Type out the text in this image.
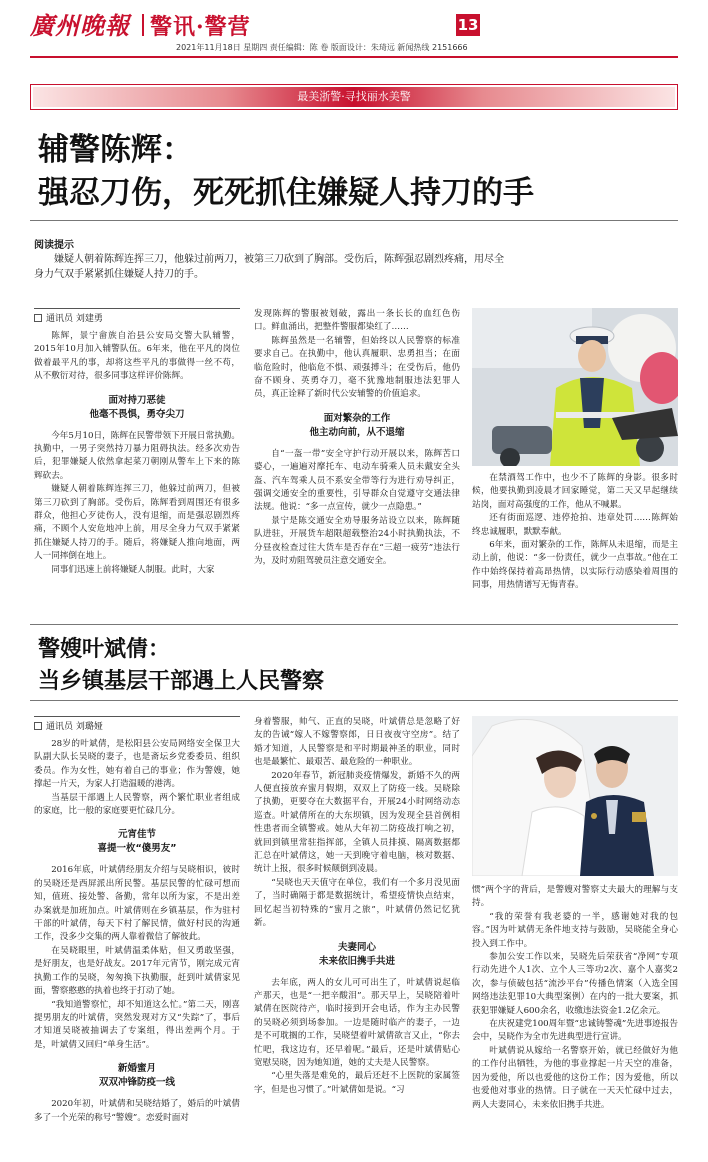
廣州晚報 警讯·警营	13
2021年11月18日 星期四 责任编辑：陈 卷 版面设计：朱琦远 新闻热线 2151666
最美浙警·寻找丽水美警
辅警陈辉：
强忍刀伤，死死抓住嫌疑人持刀的手
阅读提示
嫌疑人朝着陈辉连挥三刀，他躲过前两刀，被第三刀砍到了胸部。受伤后，陈辉强忍剧烈疼痛，用尽全身力气双手紧紧抓住嫌疑人持刀的手。
通讯员 刘建勇

陈辉，景宁畲族自治县公安局交警大队辅警，2015年10月加入辅警队伍。6年来，他在平凡的岗位做着最平凡的事，却将这些平凡的事做得一丝不苟，从不敷衍对待，很多同事这样评价陈辉。

面对持刀恶徒
他毫不畏惧，勇夺尖刀

今年5月10日，陈辉在民警带领下开展日常执勤。执勤中，一男子突然持刀暴力阻碍执法。经多次劝告后，犯罪嫌疑人依然拿起菜刀朝刚从警车上下来的陈辉砍去。

嫌疑人朝着陈辉连挥三刀，他躲过前两刀，但被第三刀砍到了胸部。受伤后，陈辉看到周围还有很多群众，他担心歹徒伤人，没有退缩，而是强忍剧烈疼痛，不顾个人安危地冲上前，用尽全身力气双手紧紧抓住嫌疑人持刀的手。随后，将嫌疑人推向地面，两人一同摔倒在地上。

同事们迅速上前将嫌疑人制服。此时，大家

发现陈辉的警服被划破，露出一条长长的血红色伤口。鲜血涌出，把整件警服都染红了……

陈辉虽然是一名辅警，但始终以人民警察的标准要求自己。在执勤中，他认真履职、忠勇担当；在面临危险时，他临危不惧、顽强搏斗；在受伤后，他仍奋不顾身、英勇夺刀，毫不犹豫地制服违法犯罪人员，真正诠释了新时代公安辅警的价值追求。

面对繁杂的工作
他主动向前，从不退缩

自“一盔一带”安全守护行动开展以来，陈辉苦口婆心，一遍遍对摩托车、电动车骑乘人员未戴安全头盔、汽车驾乘人员不系安全带等行为进行劝导纠正，强调交通安全的重要性，引导群众自觉遵守交通法律法规。他说：“多一点宣传，就少一点隐患。”

景宁是陈交通安全劝导服务站设立以来，陈辉随队进驻，开展货车超限超载整治24小时执勤执法，不分昼夜检查过往大货车是否存在“三超一疲劳”违法行为，及时劝阻驾驶员注意交通安全。

在禁酒驾工作中，也少不了陈辉的身影。很多时候，他要执勤到凌晨才回家睡觉，第二天又早起继续站岗，面对高强度的工作，他从不喊累。

还有街面巡逻、违停抢拍、违章处罚……陈辉始终忠诚履职，默默奉献。

6年来，面对繁杂的工作，陈辉从未退缩，而是主动上前，他说：“多一份责任，就少一点事故。”他在工作中始终保持着高昂热情，以实际行动感染着周围的同事，用热情谱写无悔青春。

警嫂叶斌倩：
当乡镇基层干部遇上人民警察
通讯员 刘璐娅

28岁的叶斌倩，是松阳县公安局网络安全保卫大队副大队长吴晓的妻子，也是斋坛乡党委委员、组织委员。作为女性，她有着自己的事业；作为警嫂，她撑起一片天，为家人打造温暖的港湾。

当基层干部遇上人民警察，两个繁忙职业者组成的家庭，比一般的家庭要更忙碌几分。

元宵佳节
喜提一枚“傻男友”

2016年底，叶斌倩经朋友介绍与吴晓相识，彼时的吴晓还是西屏派出所民警。基层民警的忙碌可想而知，值班、接处警、备勤，常年以所为家，不是出差办案就是加班加点。叶斌倩则在乡镇基层，作为驻村干部的叶斌倩，每天下村了解民情，做好村民的沟通工作，没多少交集的两人靠着微信了解彼此。

在吴晓眼里，叶斌倩温柔体贴，但又勇敢坚强，是好朋友，也是好战友。2017年元宵节，刚完成元宵执勤工作的吴晓，匆匆换下执勤服，赶到叶斌倩家见面，警察憨憨的执着也终于打动了她。

“我知道警察忙，却不知道这么忙。”第二天，刚喜提男朋友的叶斌倩，突然发现对方又“失踪”了，事后才知道吴晓被抽调去了专案组，得出差两个月。于是，叶斌倩又回归“单身生活”。

新婚蜜月
双双冲锋防疫一线

2020年初，叶斌倩和吴晓结婚了，婚后的叶斌倩多了一个光荣的称号“警嫂”。恋爱时面对

身着警服，帅气、正直的吴晓，叶斌倩总是忽略了好友的告诫“嫁人不嫁警察郎，日日夜夜守空房”。结了婚才知道，人民警察是和平时期最神圣的职业，同时也是最繁忙、最艰苦、最危险的一种职业。

2020年春节，新冠肺炎疫情爆发，新婚不久的两人便直接放弃蜜月假期，双双上了防疫一线。吴晓除了执勤，更要夺在大数据平台，开展24小时网络动态巡查。叶斌倩所在的大东坝镇，因为发现全县首例相性患者而全镇警戒。她从大年初二防疫战打响之初，就回到镇里常驻指挥部，全镇人员排摸、隔离数据都汇总在叶斌倩这，她一天到晚守着电脑，核对数据、统计上报，很多时候颠倒到凌晨。

“吴晓也天天值守在单位，我们有一个多月没见面了，当时确隔于都是数据统计，希望疫情快点结束，回忆起当初特殊的“蜜月之旅”，叶斌倩仍然记忆犹新。

夫妻同心
未来依旧携手共进

去年底，两人的女儿可可出生了，叶斌倩说起临产那天，也是“一把辛酸泪”。那天早上，吴晓陪着叶斌倩在医院待产，临时接到开会电话，作为主办民警的吴晓必须到场参加。一边是随时临产的妻子，一边是不可耽搁的工作，吴晓望着叶斌倩欲言又止，“你去忙吧，我这边有，还早着呢。”最后，还是叶斌倩贴心宽慰吴晓，因为她知道，她的丈夫是人民警察。

“心里失落是难免的，最后还赶不上医院的家属签字，但是也习惯了。”叶斌倩如是说。“习

惯”两个字的背后，是警嫂对警察丈夫最大的理解与支持。

“我的荣誉有我老婆的一半，感谢她对我的包容。”因为叶斌倩无条件地支持与鼓励，吴晓能全身心投入到工作中。

参加公安工作以来，吴晓先后荣获省“净网”专项行动先进个人1次、立个人三等功2次、嘉个人嘉奖2次，参与侦破包括“流沙平台”传播色情案（入选全国网络违法犯罪10大典型案例）在内的一批大要案，抓获犯罪嫌疑人600余名，收缴违法资金1.2亿余元。

在庆祝建党100周年暨“忠诚铸警魂”先进事迹报告会中，吴晓作为全市先进典型进行宣讲。

叶斌倩说从嫁给一名警察开始，就已经做好为他的工作付出牺牲，为他的事业撑起一片天空的准备，因为爱他，所以也爱他的这份工作；因为爱他，所以也爱他对事业的热情。日子就在一天天忙碌中过去，两人夫妻同心，未来依旧携手共进。
